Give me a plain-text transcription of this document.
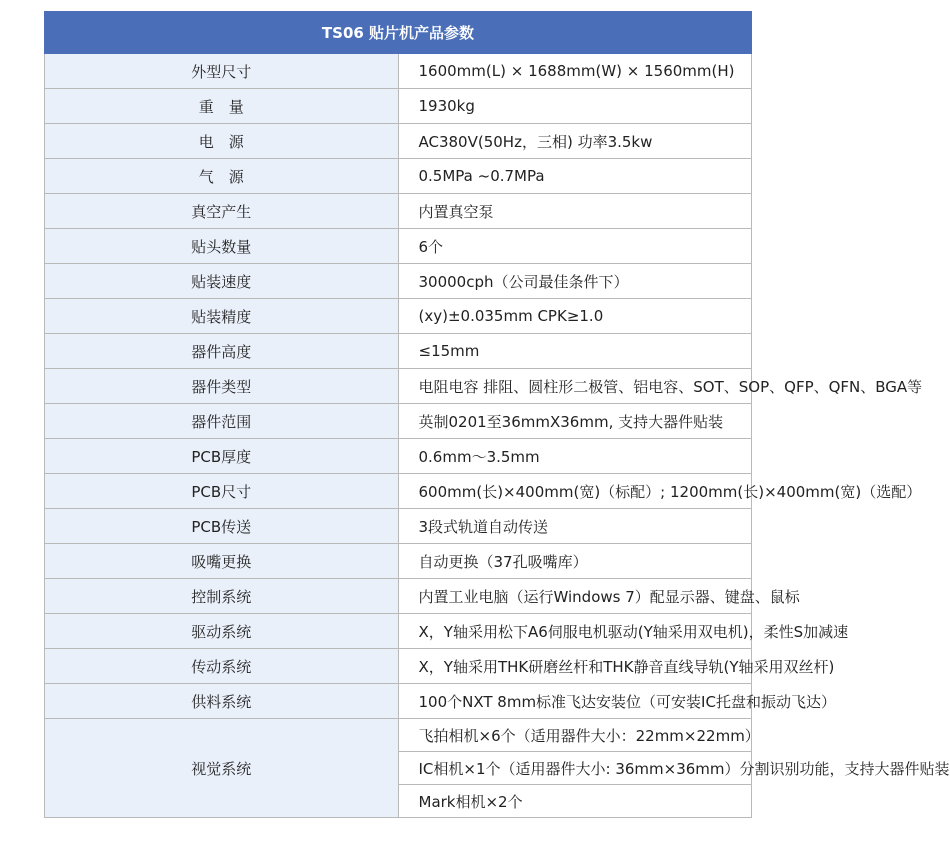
TS06 贴片机产品参数	
外型尺寸	1600mm(L) × 1688mm(W) × 1560mm(H)
重　量	1930kg
电　源	AC380V(50Hz，三相) 功率3.5kw
气　源	0.5MPa ~0.7MPa
真空产生	内置真空泵
贴头数量	6个
贴装速度	30000cph（公司最佳条件下）
贴装精度	(xy)±0.035mm CPK≥1.0
器件高度	≤15mm
器件类型	电阻电容 排阻、圆柱形二极管、铝电容、SOT、SOP、QFP、QFN、BGA等
器件范围	英制0201至36mmX36mm, 支持大器件贴装
PCB厚度	0.6mm～3.5mm
PCB尺寸	600mm(长)×400mm(宽)（标配）; 1200mm(长)×400mm(宽)（选配）
PCB传送	3段式轨道自动传送
吸嘴更换	自动更换（37孔吸嘴库）
控制系统	内置工业电脑（运行Windows 7）配显示器、键盘、鼠标
驱动系统	X，Y轴采用松下A6伺服电机驱动(Y轴采用双电机)，柔性S加减速
传动系统	X，Y轴采用THK研磨丝杆和THK静音直线导轨(Y轴采用双丝杆)
供料系统	100个NXT 8mm标准飞达安装位（可安装IC托盘和振动飞达）
视觉系统	飞拍相机×6个（适用器件大小：22mm×22mm）
	IC相机×1个（适用器件大小: 36mm×36mm）分割识别功能，支持大器件贴装
	Mark相机×2个
